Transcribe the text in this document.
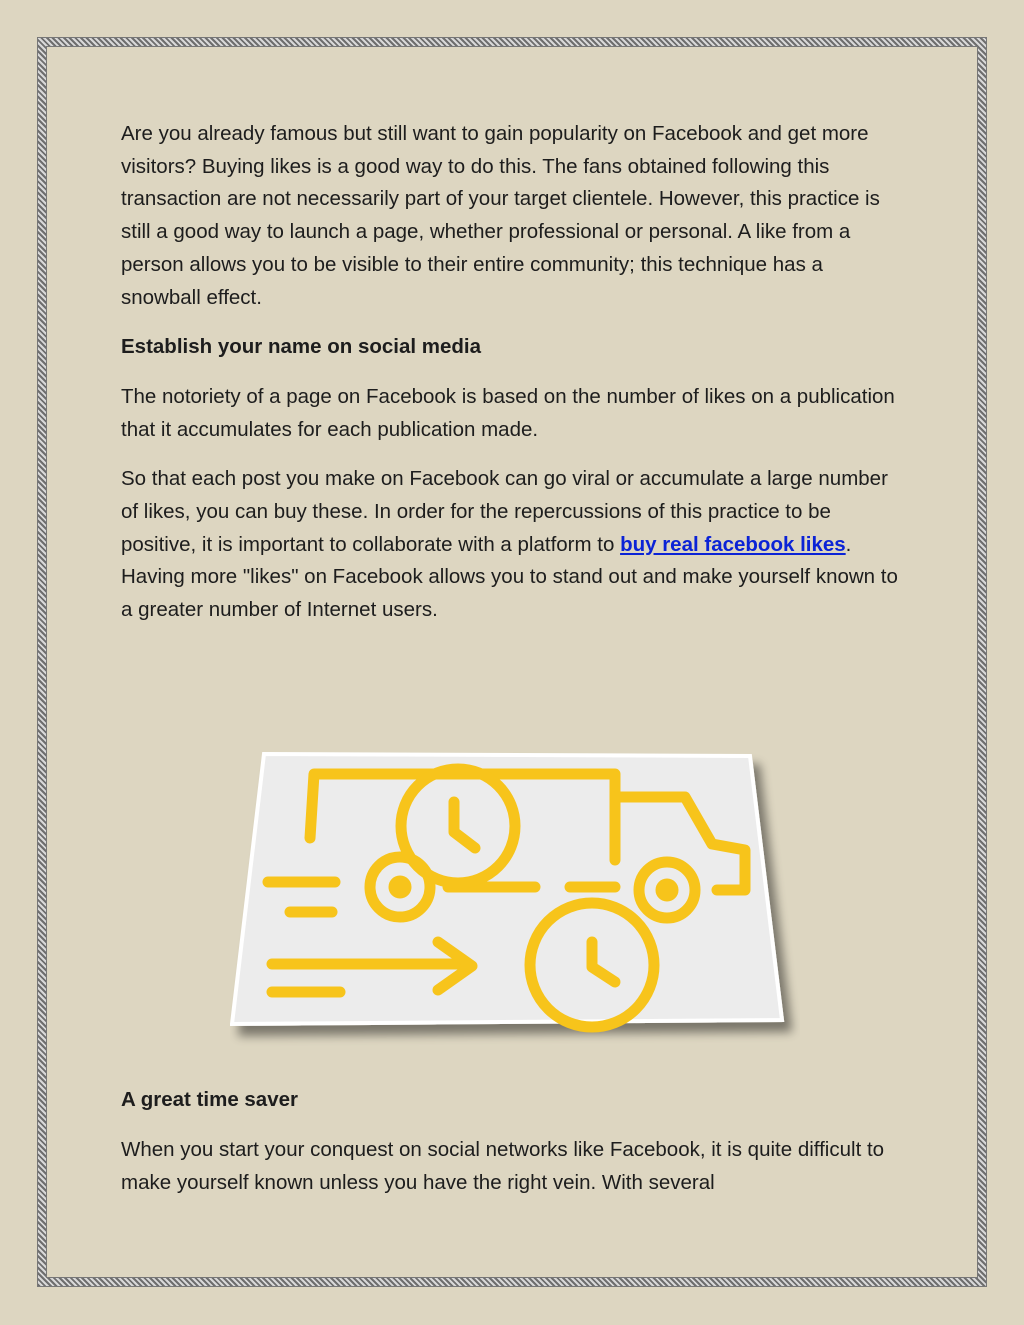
Are you already famous but still want to gain popularity on Facebook and get more visitors? Buying likes is a good way to do this. The fans obtained following this transaction are not necessarily part of your target clientele. However, this practice is still a good way to launch a page, whether professional or personal. A like from a person allows you to be visible to their entire community; this technique has a snowball effect.

Establish your name on social media

The notoriety of a page on Facebook is based on the number of likes on a publication that it accumulates for each publication made.

So that each post you make on Facebook can go viral or accumulate a large number of likes, you can buy these. In order for the repercussions of this practice to be positive, it is important to collaborate with a platform to buy real facebook likes. Having more "likes" on Facebook allows you to stand out and make yourself known to a greater number of Internet users.

A great time saver

When you start your conquest on social networks like Facebook, it is quite difficult to make yourself known unless you have the right vein. With several
